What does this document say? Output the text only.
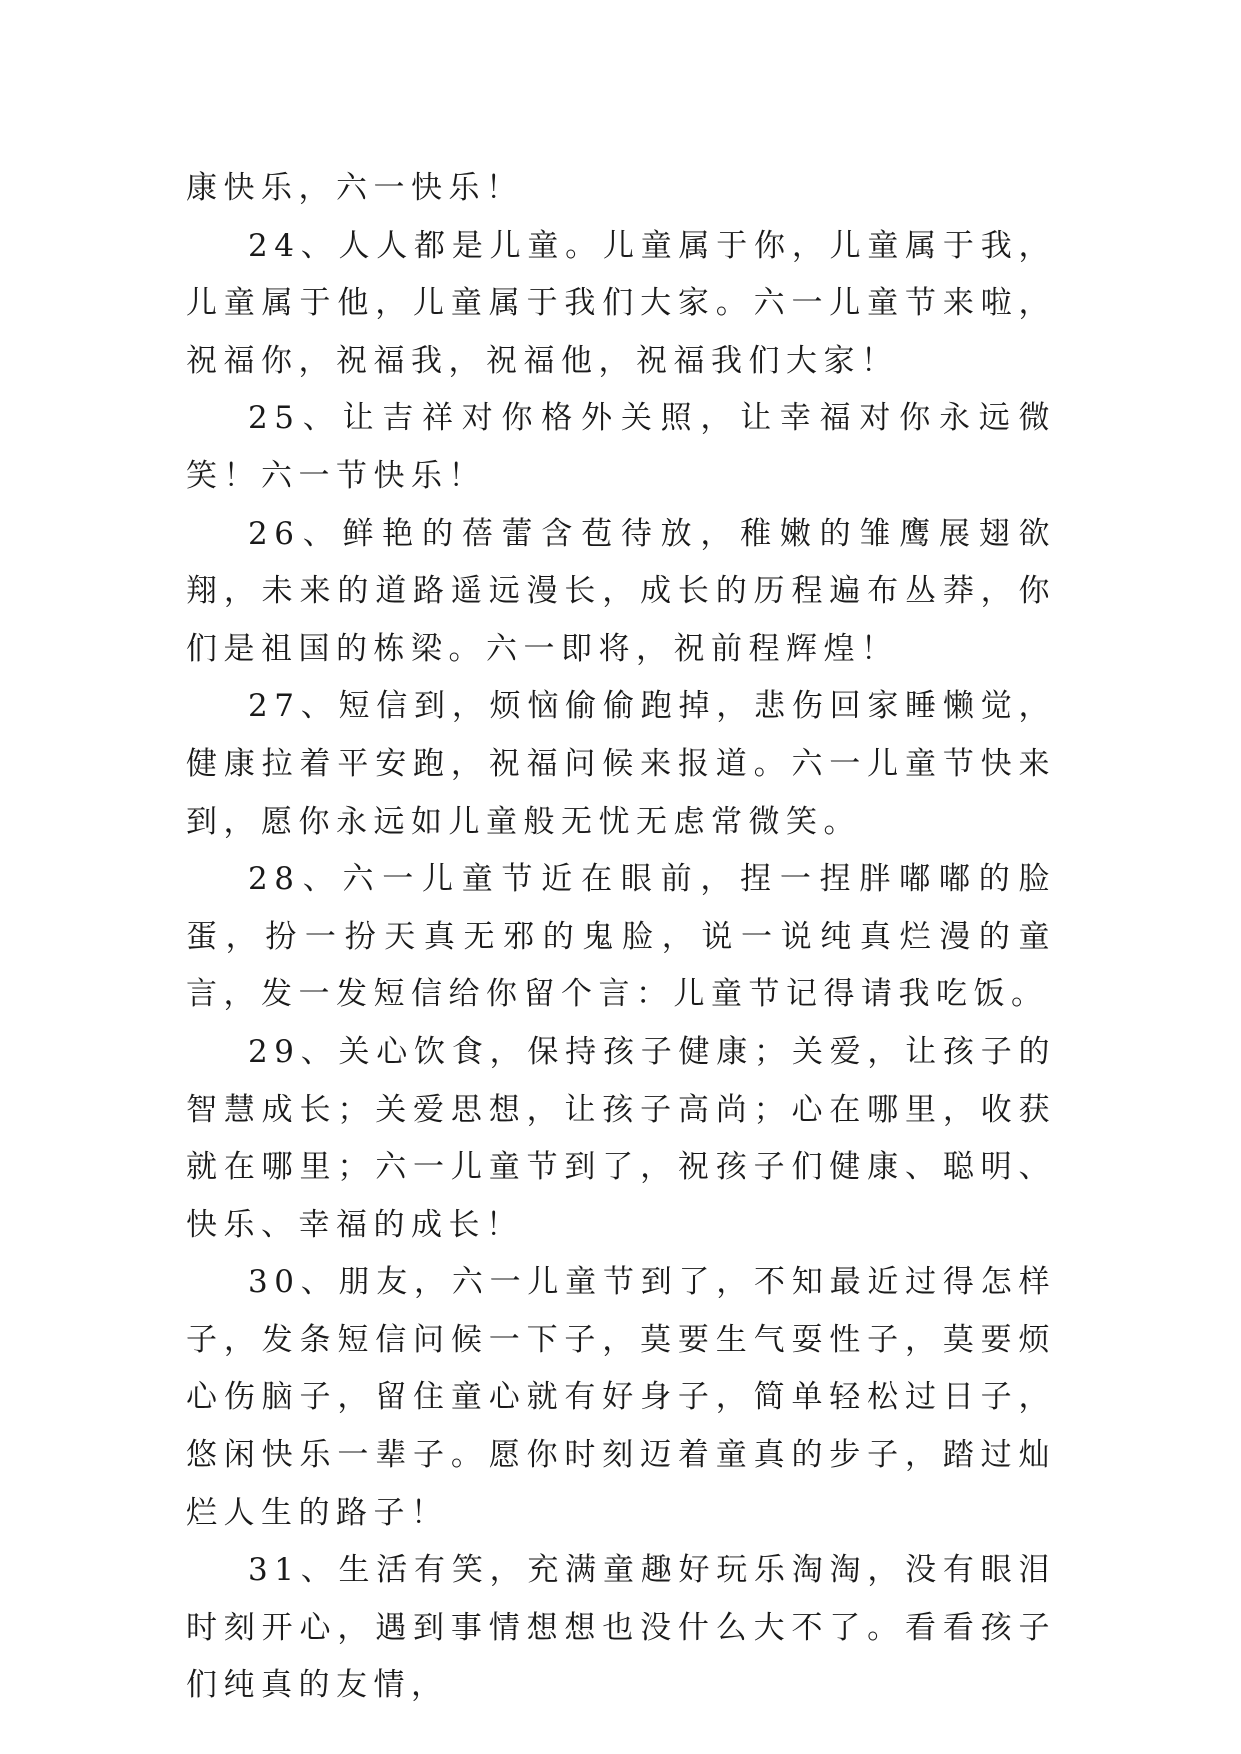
康快乐，六一快乐！

24、人人都是儿童。儿童属于你，儿童属于我，儿童属于他，儿童属于我们大家。六一儿童节来啦，祝福你，祝福我，祝福他，祝福我们大家！

25、让吉祥对你格外关照，让幸福对你永远微笑！六一节快乐！

26、鲜艳的蓓蕾含苞待放，稚嫩的雏鹰展翅欲翔，未来的道路遥远漫长，成长的历程遍布丛莽，你们是祖国的栋梁。六一即将，祝前程辉煌！

27、短信到，烦恼偷偷跑掉，悲伤回家睡懒觉，健康拉着平安跑，祝福问候来报道。六一儿童节快来到，愿你永远如儿童般无忧无虑常微笑。

28、六一儿童节近在眼前，捏一捏胖嘟嘟的脸蛋，扮一扮天真无邪的鬼脸，说一说纯真烂漫的童言，发一发短信给你留个言：儿童节记得请我吃饭。

29、关心饮食，保持孩子健康；关爱，让孩子的智慧成长；关爱思想，让孩子高尚；心在哪里，收获就在哪里；六一儿童节到了，祝孩子们健康、聪明、快乐、幸福的成长！

30、朋友，六一儿童节到了，不知最近过得怎样子，发条短信问候一下子，莫要生气耍性子，莫要烦心伤脑子，留住童心就有好身子，简单轻松过日子，悠闲快乐一辈子。愿你时刻迈着童真的步子，踏过灿烂人生的路子！

31、生活有笑，充满童趣好玩乐淘淘，没有眼泪时刻开心，遇到事情想想也没什么大不了。看看孩子们纯真的友情，
